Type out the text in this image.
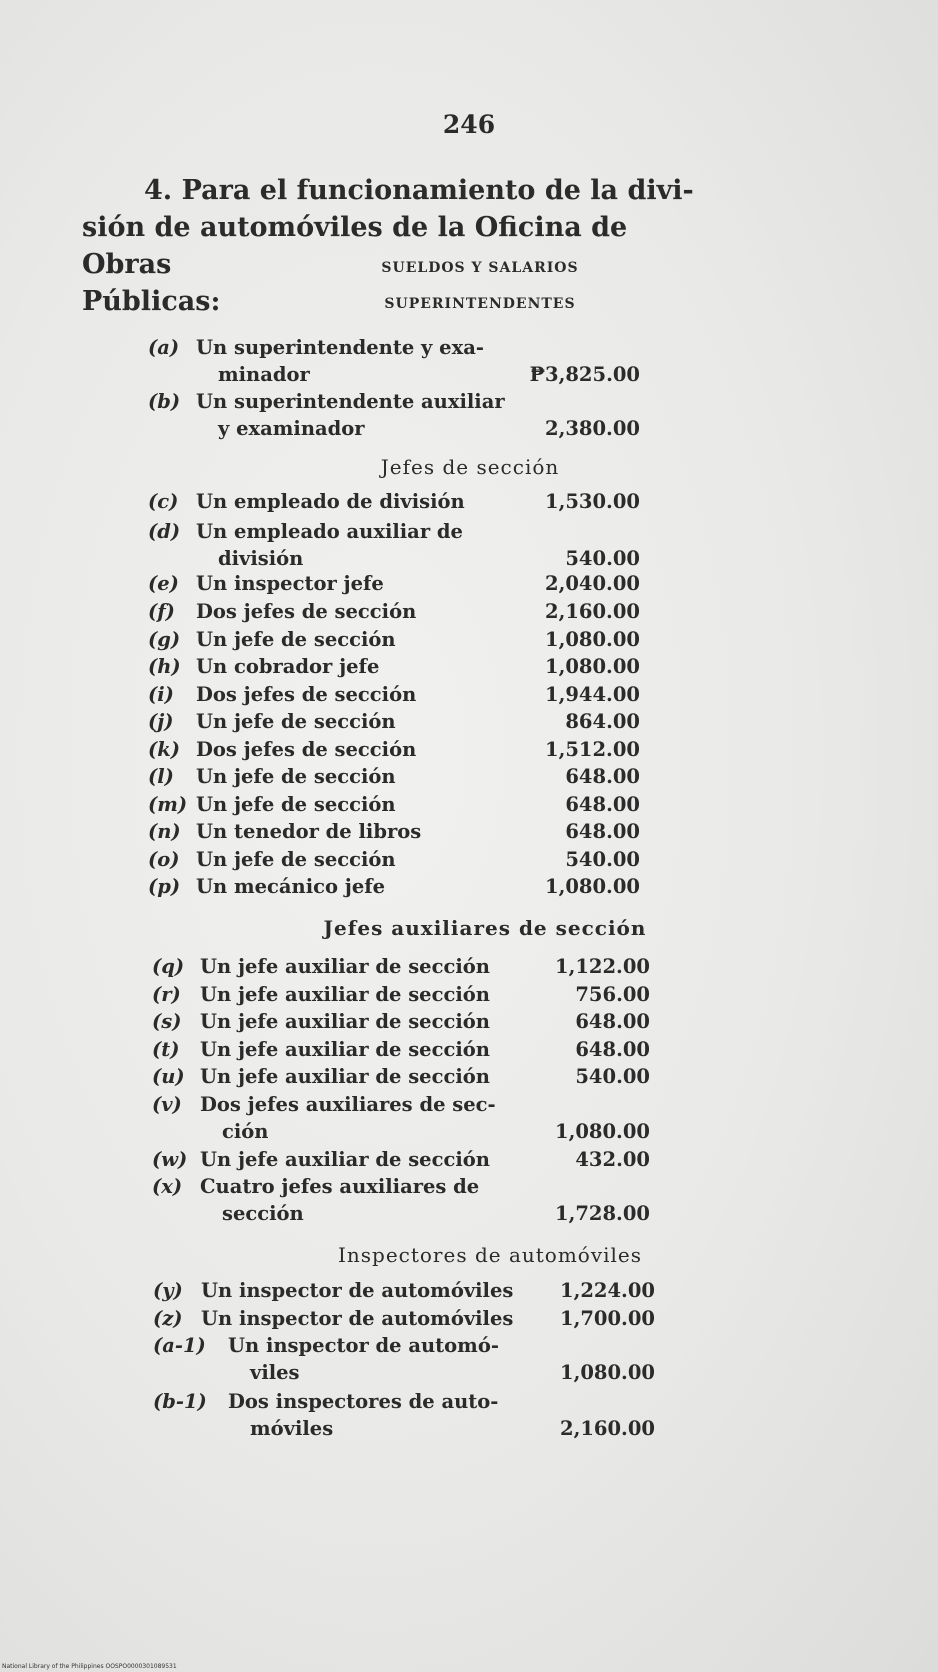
246
4. Para el funcionamiento de la divi-
sión de automóviles de la Oficina de Obras
Públicas:
SUELDOS Y SALARIOS
SUPERINTENDENTES
Jefes de sección
Jefes auxiliares de sección
Inspectores de automóviles
(a) Un superintendente y exa-
minador	₱3,825.00
(b) Un superintendente auxiliar
y examinador	2,380.00
(c) Un empleado de división	1,530.00
(d) Un empleado auxiliar de
división	540.00
(e) Un inspector jefe	2,040.00
(f) Dos jefes de sección	2,160.00
(g) Un jefe de sección	1,080.00
(h) Un cobrador jefe	1,080.00
(i) Dos jefes de sección	1,944.00
(j) Un jefe de sección	864.00
(k) Dos jefes de sección	1,512.00
(l) Un jefe de sección	648.00
(m) Un jefe de sección	648.00
(n) Un tenedor de libros	648.00
(o) Un jefe de sección	540.00
(p) Un mecánico jefe	1,080.00
(q) Un jefe auxiliar de sección	1,122.00
(r) Un jefe auxiliar de sección	756.00
(s) Un jefe auxiliar de sección	648.00
(t) Un jefe auxiliar de sección	648.00
(u) Un jefe auxiliar de sección	540.00
(v) Dos jefes auxiliares de sec-
ción	1,080.00
(w) Un jefe auxiliar de sección	432.00
(x) Cuatro jefes auxiliares de
sección	1,728.00
(y) Un inspector de automóviles	1,224.00
(z) Un inspector de automóviles	1,700.00
(a-1) Un inspector de automó-
viles	1,080.00
(b-1) Dos inspectores de auto-
móviles	2,160.00
National Library of the Philippines OOSPO0000301089531
